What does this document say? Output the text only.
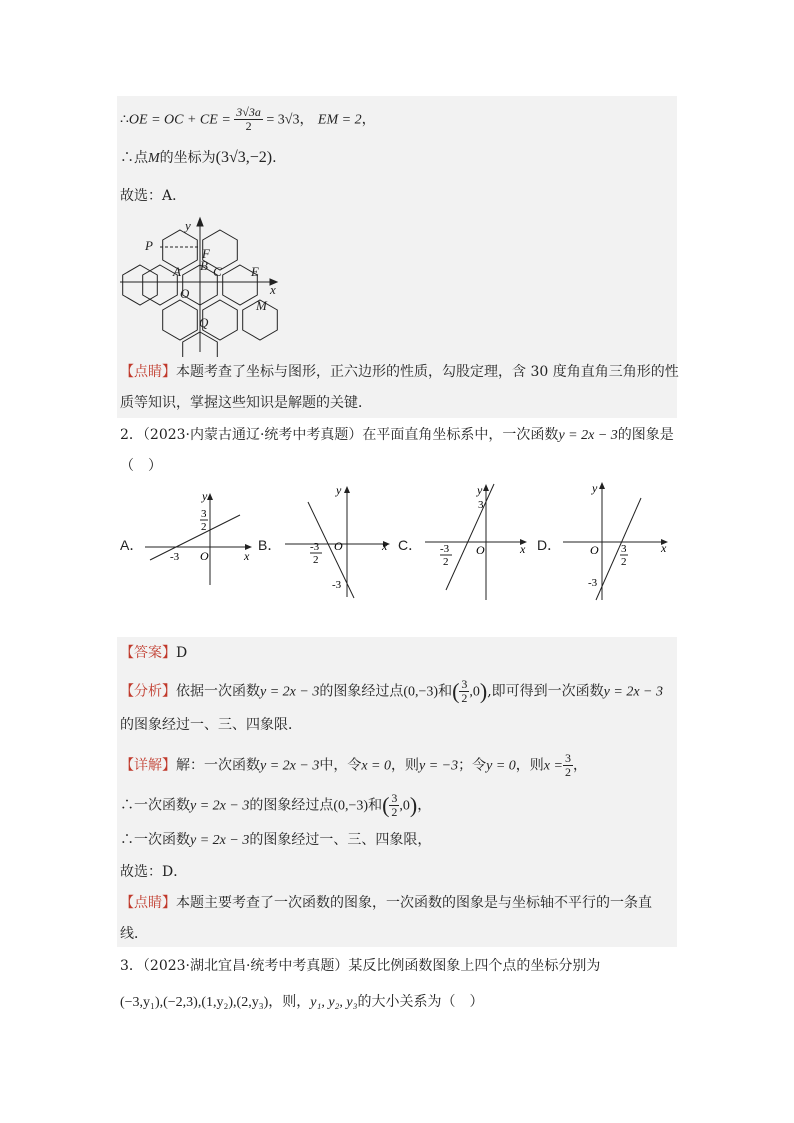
∴OE = OC + CE = $\frac{3√3a}{2} = 3√3$， EM = 2，
∴点M的坐标为(3√3,−2).
故选：A．
P
F
y
A B C E
x
O
M
Q
【点睛】本题考查了坐标与图形，正六边形的性质，勾股定理，含 30 度角直角三角形的性
质等知识，掌握这些知识是解题的关键．
2．（2023·内蒙古通辽·统考中考真题）在平面直角坐标系中，一次函数y = 2x − 3的图象是
（　）
A．
y
x
3
2
-3 O
B．
y
x
-3
2
O
-3
C．
y
x
3
-3
2
O	D．
y
x
O 3
2
-3
【答案】D
【分析】依据一次函数y = 2x − 3的图象经过点(0,−3)和( $\frac{3}{2} ,0$),即可得到一次函数y = 2x − 3
的图象经过一、三、四象限．
【详解】解：一次函数y = 2x − 3中，令x = 0，则y = −3；令y = 0，则$x = \frac{3}{2}$ ，
∴一次函数y = 2x − 3的图象经过点(0,−3)和( $\frac{3}{2} ,0$)，
∴一次函数y = 2x − 3的图象经过一、三、四象限，
故选：D．
【点睛】本题主要考查了一次函数的图象，一次函数的图象是与坐标轴不平行的一条直
线．
3．（2023·湖北宜昌·统考中考真题）某反比例函数图象上四个点的坐标分别为
(−3,y₁),(−2,3),(1,y₂),(2,y₃)，则，y₁, y₂, y₃的大小关系为（　）
